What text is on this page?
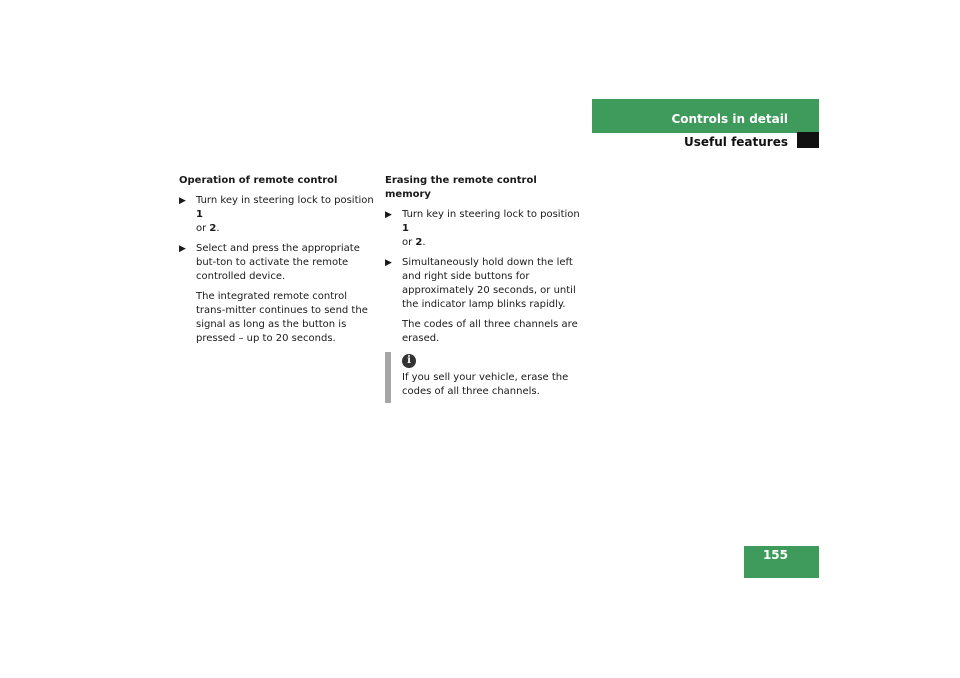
Controls in detail
Useful features
Operation of remote control
▶ Turn key in steering lock to position 1
or 2.
▶ Select and press the appropriate but-ton to activate the remote controlled device.
The integrated remote control trans-mitter continues to send the signal as long as the button is pressed – up to 20 seconds.
Erasing the remote control memory
▶ Turn key in steering lock to position 1
or 2.
▶ Simultaneously hold down the left and right side buttons for approximately 20 seconds, or until the indicator lamp blinks rapidly.
The codes of all three channels are erased.
i
If you sell your vehicle, erase the codes of all three channels.
155
